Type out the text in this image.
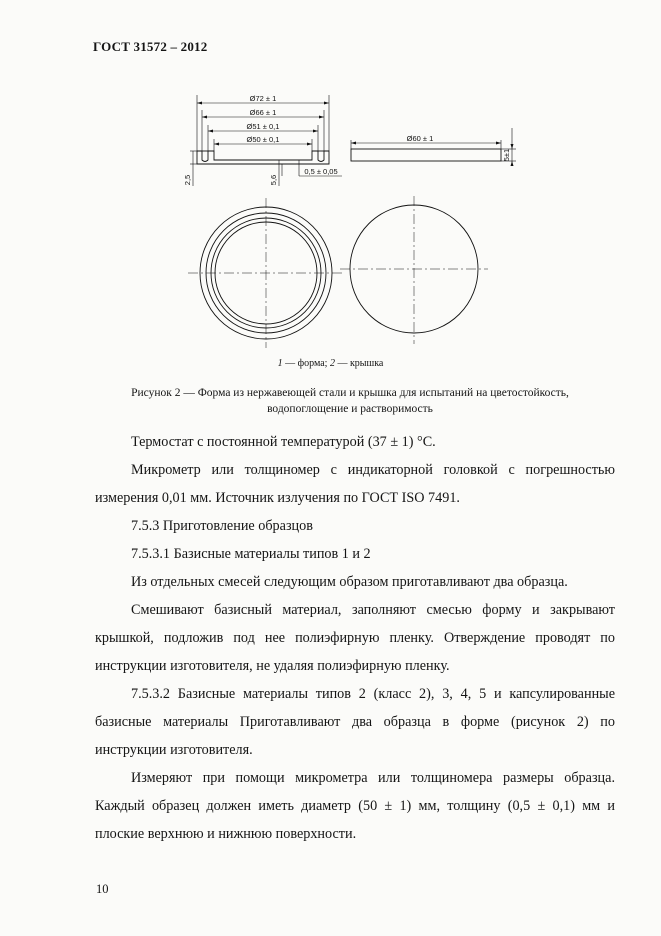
ГОСТ 31572 – 2012
Ø72 ± 1
Ø66 ± 1
Ø51 ± 0,1
Ø50 ± 0,1	Ø60 ± 1
5±1
2,5	5,6
0,5 ± 0,05
1 — форма; 2 — крышка
Рисунок 2 — Форма из нержавеющей стали и крышка для испытаний на цветостойкость,
водопоглощение и растворимость

Термостат с постоянной температурой (37 ± 1) °С.

Микрометр или толщиномер с индикаторной головкой с погрешностью измерения 0,01 мм. Источник излучения по ГОСТ ISO 7491.

7.5.3 Приготовление образцов

7.5.3.1 Базисные материалы типов 1 и 2

Из отдельных смесей следующим образом приготавливают два образца.

Смешивают базисный материал, заполняют смесью форму и закрывают крышкой, подложив под нее полиэфирную пленку. Отверждение проводят по инструкции изготовителя, не удаляя полиэфирную пленку.

7.5.3.2 Базисные материалы типов 2 (класс 2), 3, 4, 5 и капсулированные базисные материалы Приготавливают два образца в форме (рисунок 2) по инструкции изготовителя.

Измеряют при помощи микрометра или толщиномера размеры образца. Каждый образец должен иметь диаметр (50 ± 1) мм, толщину (0,5 ± 0,1) мм и плоские верхнюю и нижнюю поверхности.

10
